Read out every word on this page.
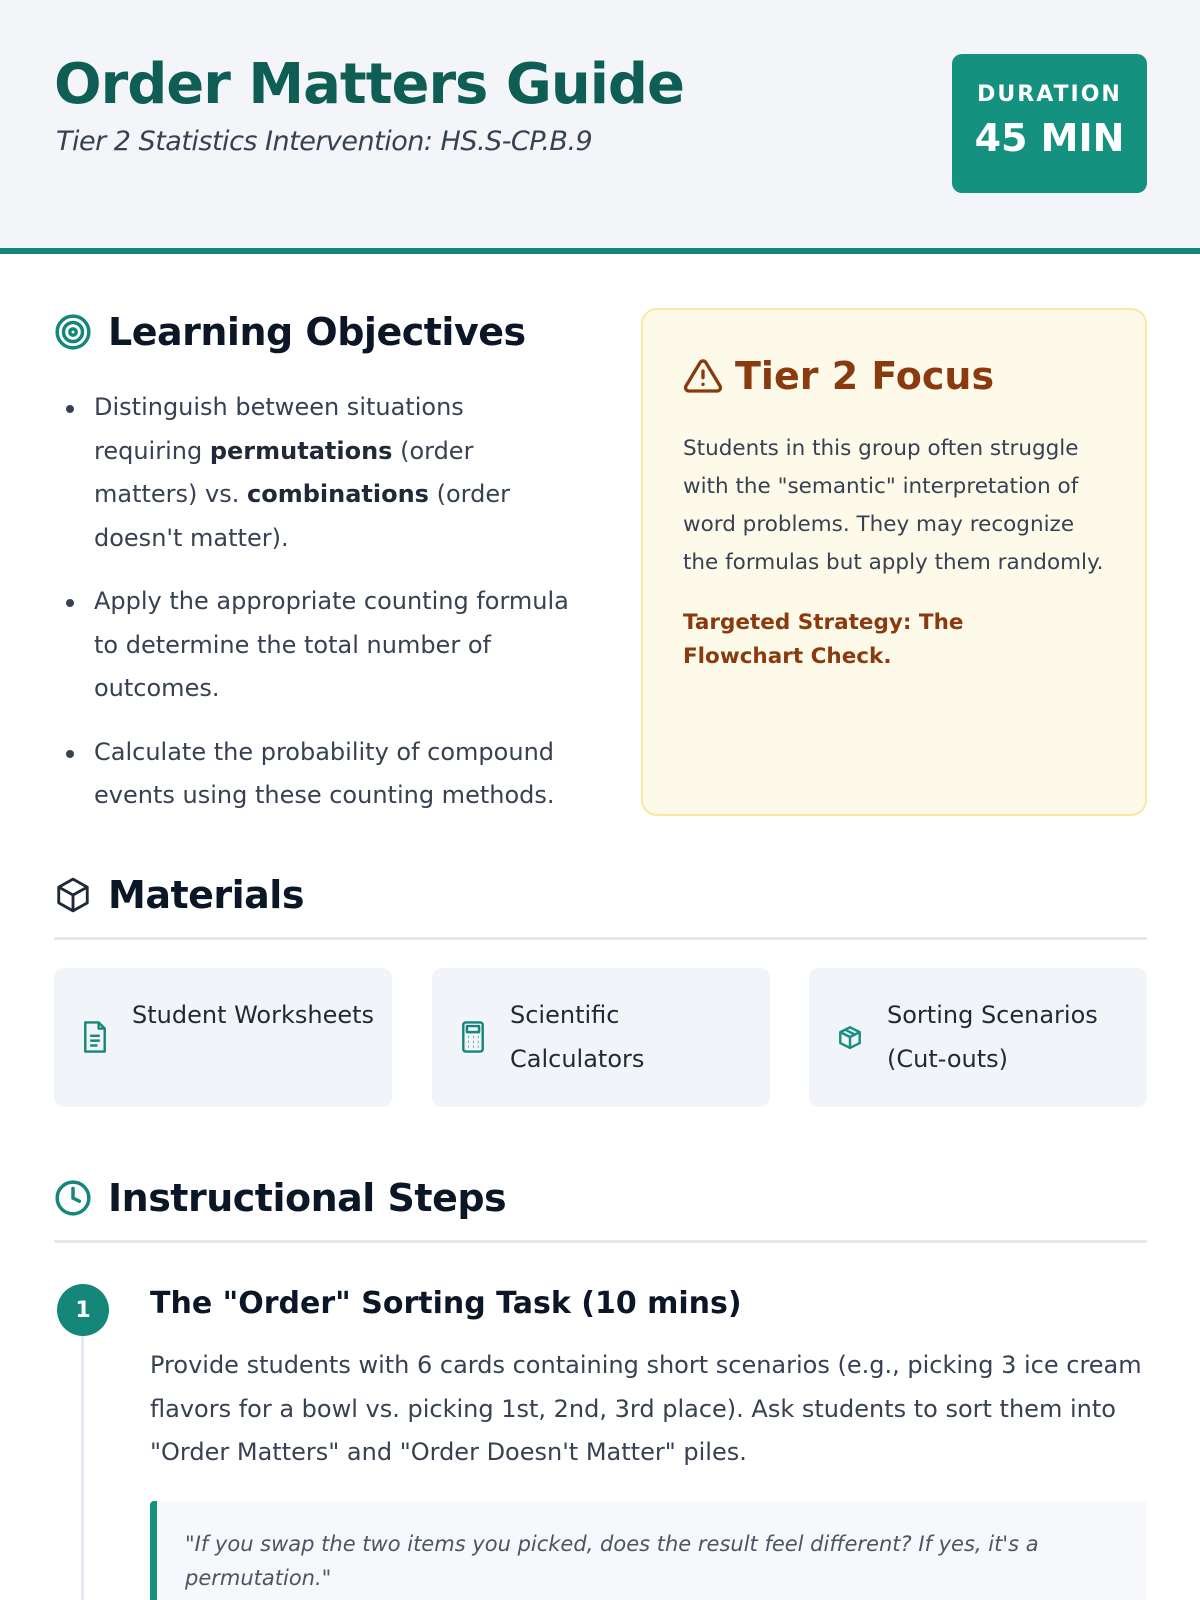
Order Matters Guide
Tier 2 Statistics Intervention: HS.S-CP.B.9
DURATION
45 MIN
Learning Objectives
Distinguish between situations requiring permutations (order matters) vs. combinations (order doesn't matter).
Apply the appropriate counting formula to determine the total number of outcomes.
Calculate the probability of compound events using these counting methods.
Tier 2 Focus
Students in this group often struggle with the "semantic" interpretation of word problems. They may recognize the formulas but apply them randomly.
Targeted Strategy: The Flowchart Check.
Materials
Student Worksheets	Scientific Calculators
Sorting Scenarios (Cut-outs)
Instructional Steps
1	The "Order" Sorting Task (10 mins)
Provide students with 6 cards containing short scenarios (e.g., picking 3 ice cream flavors for a bowl vs. picking 1st, 2nd, 3rd place). Ask students to sort them into "Order Matters" and "Order Doesn't Matter" piles.
"If you swap the two items you picked, does the result feel different? If yes, it's a permutation."
